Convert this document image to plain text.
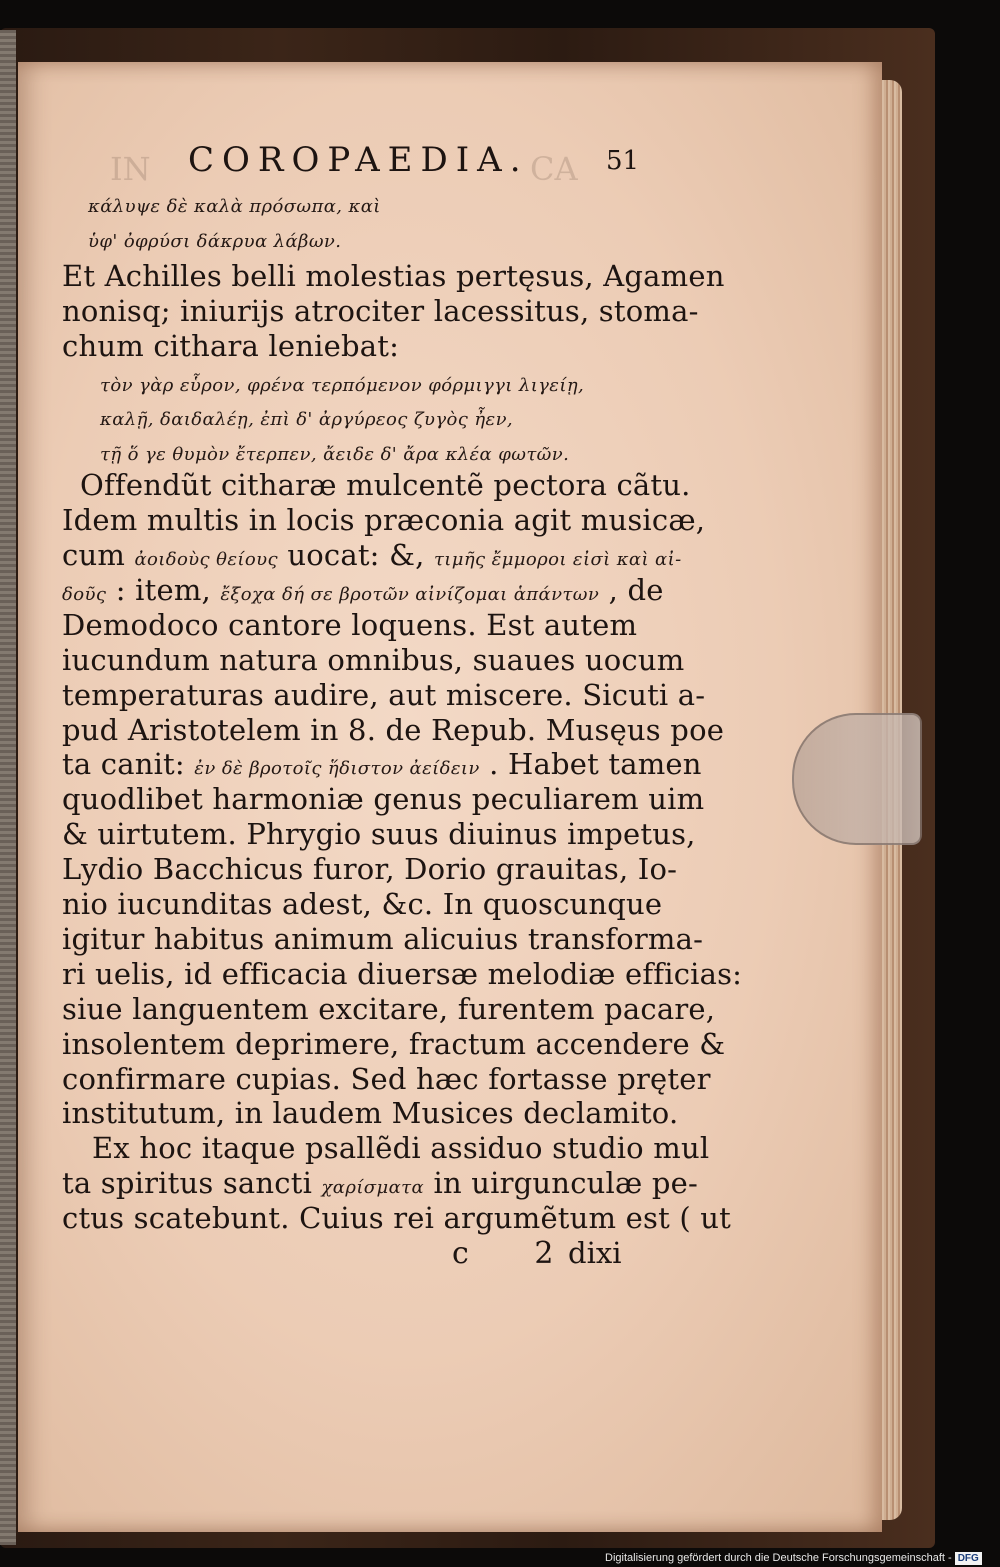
IN	CA
COROPAEDIA.	51
κάλυψε δὲ καλὰ πρόσωπα, καὶ
ὑφ' ὀφρύσι δάκρυα λάβων.
Et Achilles belli molestias pertęsus, Agamen
nonisq; iniurijs atrociter lacessitus, stoma-
chum cithara leniebat:
τὸν γὰρ εὗρον, φρένα τερπόμενον φόρμιγγι λιγείῃ,
καλῇ, δαιδαλέῃ, ἐπὶ δ' ἀργύρεος ζυγὸς ἦεν,
τῇ ὅ γε θυμὸν ἔτερπεν, ἄειδε δ' ἄρα κλέα φωτῶν.
Offendũt citharæ mulcentẽ pectora cãtu.
Idem multis in locis præconia agit musicæ,
cum ἀοιδοὺς θείους uocat: &, τιμῆς ἔμμοροι εἰσὶ καὶ αἰ-
δοῦς : item, ἔξοχα δή σε βροτῶν αἰνίζομαι ἁπάντων , de
Demodoco cantore loquens. Est autem
iucundum natura omnibus, suaues uocum
temperaturas audire, aut miscere. Sicuti a-
pud Aristotelem in 8. de Repub. Musęus poe
ta canit: ἐν δὲ βροτοῖς ἥδιστον ἀείδειν . Habet tamen
quodlibet harmoniæ genus peculiarem uim
& uirtutem. Phrygio suus diuinus impetus,
Lydio Bacchicus furor, Dorio grauitas, Io-
nio iucunditas adest, &c. In quoscunque
igitur habitus animum alicuius transforma-
ri uelis, id efficacia diuersæ melodiæ efficias:
siue languentem excitare, furentem pacare,
insolentem deprimere, fractum accendere &
confirmare cupias. Sed hæc fortasse pręter
institutum, in laudem Musices declamito.
Ex hoc itaque psallẽdi assiduo studio mul
ta spiritus sancti χαρίσματα in uirgunculæ pe-
ctus scatebunt. Cuius rei argumẽtum est ( ut
c 2
dixi
Digitalisierung gefördert durch die Deutsche Forschungsgemeinschaft - DFG
